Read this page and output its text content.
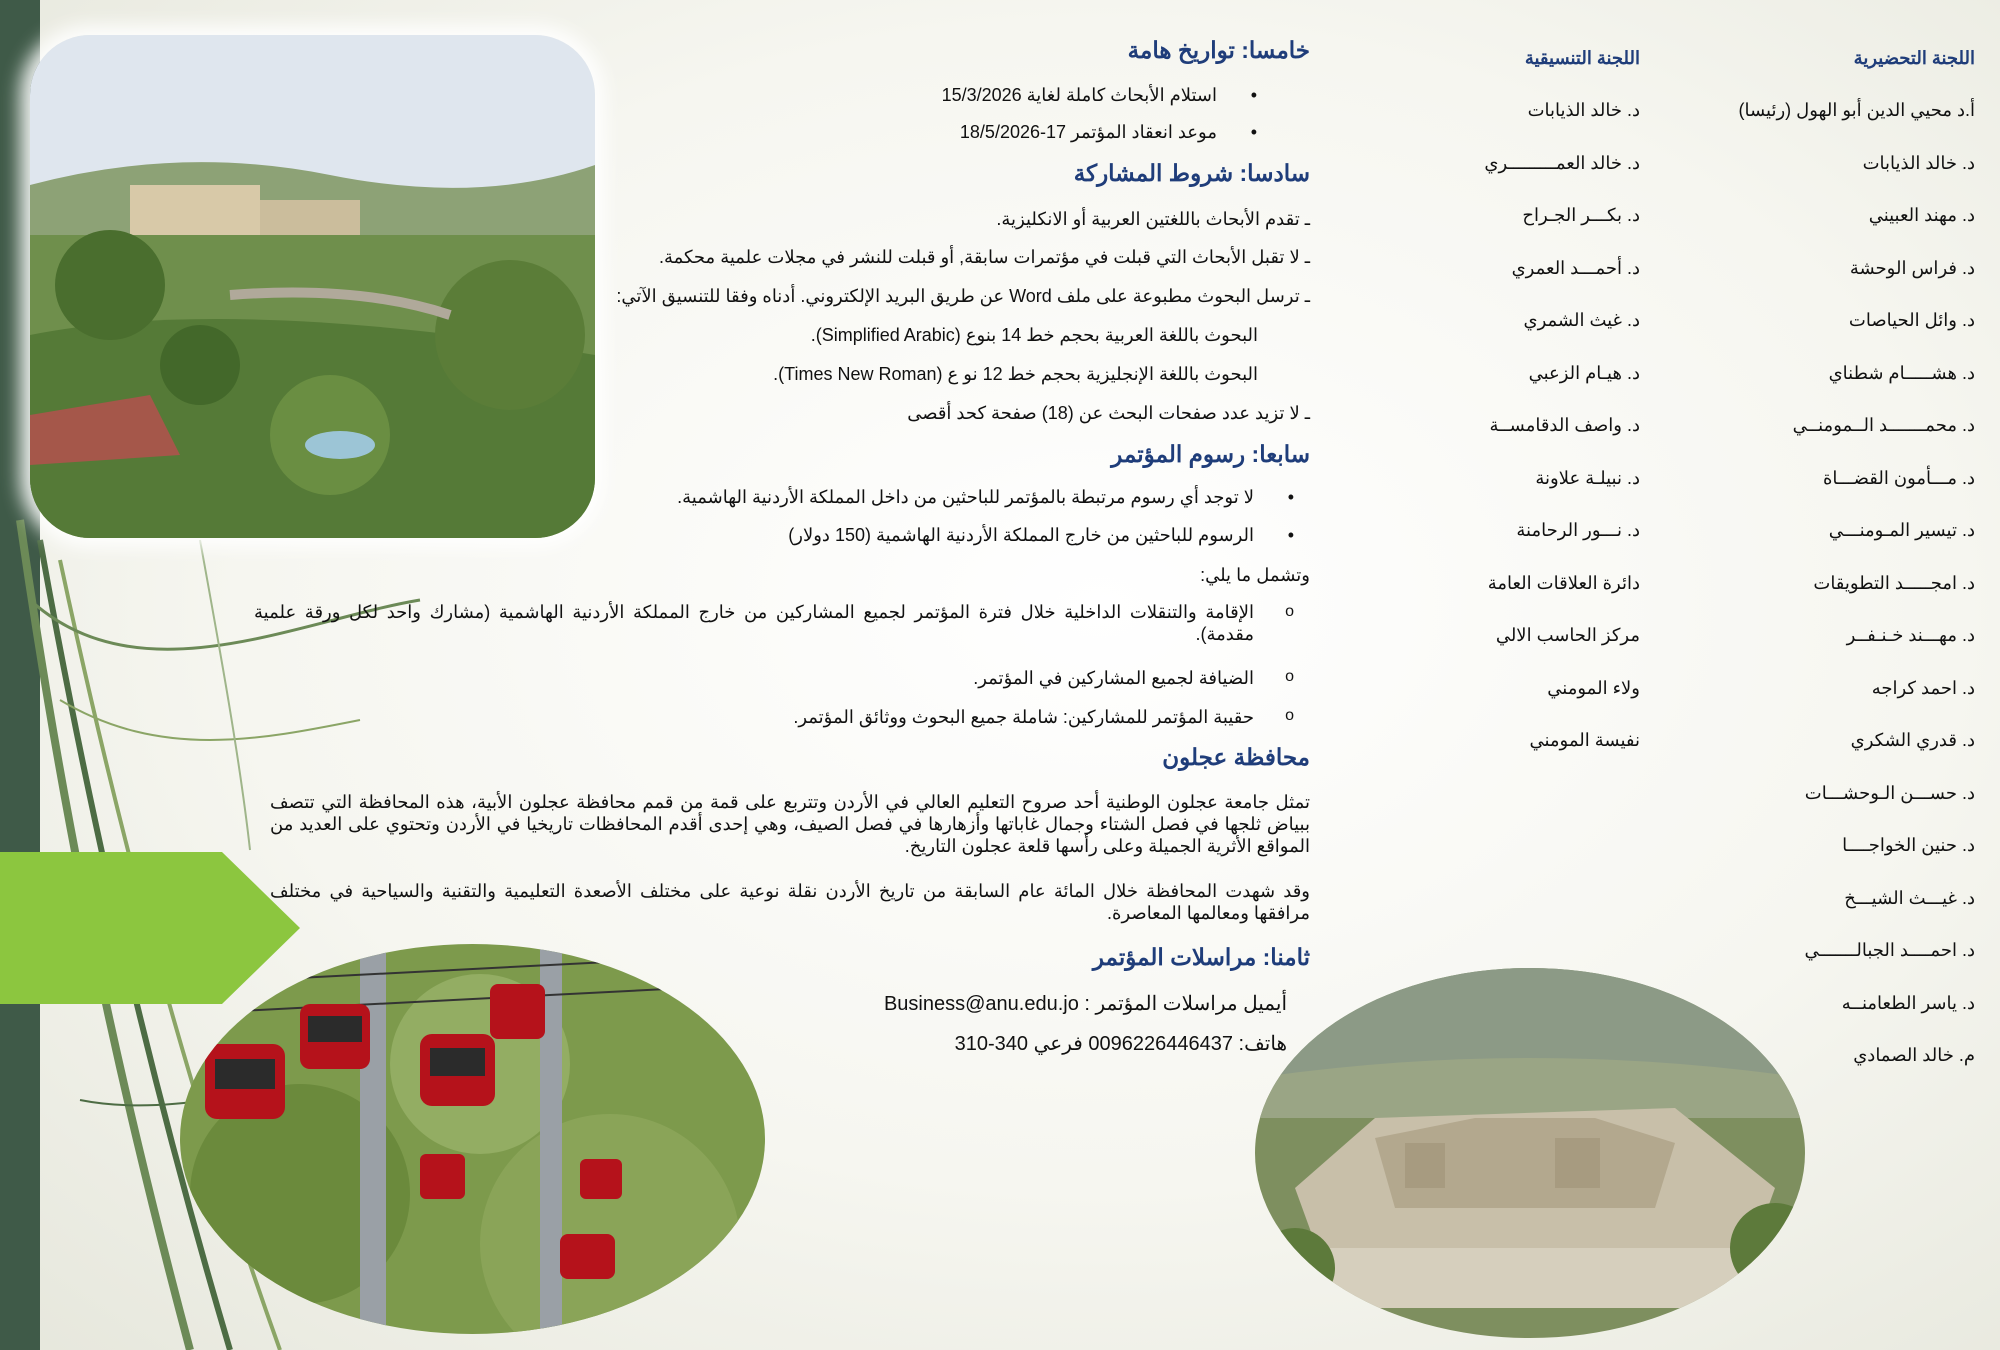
خامسا: تواريخ هامة
• استلام الأبحاث كاملة لغاية 15/3/2026
• موعد انعقاد المؤتمر 17-18/5/2026
سادسا: شروط المشاركة
ـ تقدم الأبحاث باللغتين العربية أو الانكليزية.
ـ لا تقبل الأبحاث التي قبلت في مؤتمرات سابقة, أو قبلت للنشر في مجلات علمية محكمة.
ـ ترسل البحوث مطبوعة على ملف Word عن طريق البريد الإلكتروني. أدناه وفقا للتنسيق الآتي:
البحوث باللغة العربية بحجم خط 14 بنوع (Simplified Arabic).
البحوث باللغة الإنجليزية بحجم خط 12 نو ع (Times New Roman).
ـ لا تزيد عدد صفحات البحث عن (18) صفحة كحد أقصى
سابعا: رسوم المؤتمر
• لا توجد أي رسوم مرتبطة بالمؤتمر للباحثين من داخل المملكة الأردنية الهاشمية.
• الرسوم للباحثين من خارج المملكة الأردنية الهاشمية (150 دولار)
وتشمل ما يلي:
o الإقامة والتنقلات الداخلية خلال فترة المؤتمر لجميع المشاركين من خارج المملكة الأردنية الهاشمية (مشارك واحد لكل ورقة علمية مقدمة).
o الضيافة لجميع المشاركين في المؤتمر.
o حقيبة المؤتمر للمشاركين: شاملة جميع البحوث ووثائق المؤتمر.
محافظة عجلون
تمثل جامعة عجلون الوطنية أحد صروح التعليم العالي في الأردن وتتربع على قمة من قمم محافظة عجلون الأبية، هذه المحافظة التي تتصف ببياض ثلجها في فصل الشتاء وجمال غاباتها وأزهارها في فصل الصيف، وهي إحدى أقدم المحافظات تاريخيا في الأردن وتحتوي على العديد من المواقع الأثرية الجميلة وعلى رأسها قلعة عجلون التاريخ.
وقد شهدت المحافظة خلال المائة عام السابقة من تاريخ الأردن نقلة نوعية على مختلف الأصعدة التعليمية والتقنية والسياحية في مختلف مرافقها ومعالمها المعاصرة.
ثامنا: مراسلات المؤتمر
أيميل مراسلات المؤتمر : Business@anu.edu.jo
هاتف: 0096226446437 فرعي 340-310
اللجنة التحضيرية
أ.د محيي الدين أبو الهول (رئيسا)
د. خالد الذيابات
د. مهند العبيني
د. فراس الوحشة
د. وائل الحياصات
د. هشـــــام شطناي
د. محمـــــــد الــمومنــي
د. مـــأمون القضـــاة
د. تيسير المـومنـــي
د. امجـــــد التطويقات
د. مهـــند خـنـفــر
د. احمد كراجه
د. قدري الشكري
د. حســـن الـوحشـــات
د. حنين الخواجــــا
د. غيـــث الشيـــخ
د. احمــــد الجبالـــــــي
د. ياسر الطعامنــه
م. خالد الصمادي
اللجنة التنسيقية
د. خالد الذيابات
د. خالد العمـــــــــري
د. بكـــر الجـراح
د. أحمـــد العمري
د. غيث الشمري
د. هيـام الزعبي
د. واصف الدقامســة
د. نبيلـة علاونة
د. نـــور الرحامنة
دائرة العلاقات العامة
مركز الحاسب الالي
ولاء المومني
نفيسة المومني
